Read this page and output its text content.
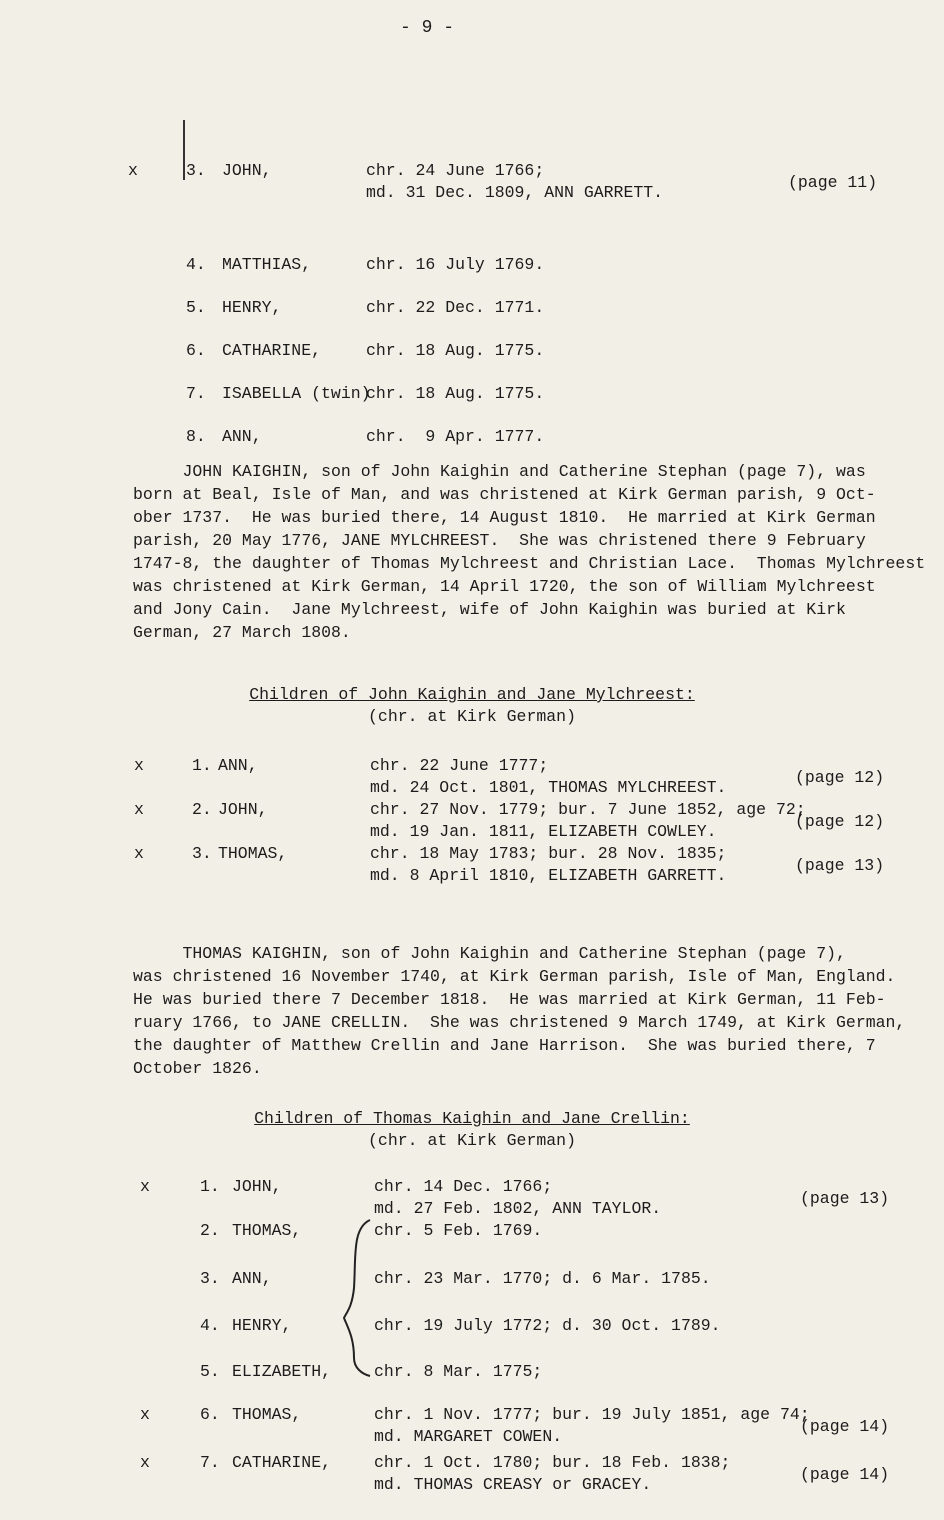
- 9 -
x	3. JOHN,	chr. 24 June 1766;
md. 31 Dec. 1809, ANN GARRETT.
(page 11)
4. MATTHIAS,	chr. 16 July 1769.
5. HENRY,	chr. 22 Dec. 1771.
6. CATHARINE,	chr. 18 Aug. 1775.
7. ISABELLA (twin)
chr. 18 Aug. 1775.
8. ANN,	chr.  9 Apr. 1777.
JOHN KAIGHIN, son of John Kaighin and Catherine Stephan (page 7), was
born at Beal, Isle of Man, and was christened at Kirk German parish, 9 Oct-
ober 1737.  He was buried there, 14 August 1810.  He married at Kirk German
parish, 20 May 1776, JANE MYLCHREEST.  She was christened there 9 February
1747-8, the daughter of Thomas Mylchreest and Christian Lace.  Thomas Mylchreest
was christened at Kirk German, 14 April 1720, the son of William Mylchreest
and Jony Cain.  Jane Mylchreest, wife of John Kaighin was buried at Kirk
German, 27 March 1808.
Children of John Kaighin and Jane Mylchreest:
(chr. at Kirk German)
x	1. ANN,	chr. 22 June 1777;
md. 24 Oct. 1801, THOMAS MYLCHREEST.
(page 12)
x	2. JOHN,	chr. 27 Nov. 1779; bur. 7 June 1852, age 72;
md. 19 Jan. 1811, ELIZABETH COWLEY.
(page 12)
x	3. THOMAS,	chr. 18 May 1783; bur. 28 Nov. 1835;
md. 8 April 1810, ELIZABETH GARRETT.
(page 13)
THOMAS KAIGHIN, son of John Kaighin and Catherine Stephan (page 7),
was christened 16 November 1740, at Kirk German parish, Isle of Man, England.
He was buried there 7 December 1818.  He was married at Kirk German, 11 Feb-
ruary 1766, to JANE CRELLIN.  She was christened 9 March 1749, at Kirk German,
the daughter of Matthew Crellin and Jane Harrison.  She was buried there, 7
October 1826.
Children of Thomas Kaighin and Jane Crellin:
(chr. at Kirk German)
x	1. JOHN,	chr. 14 Dec. 1766;
md. 27 Feb. 1802, ANN TAYLOR.
(page 13)
2. THOMAS,	chr. 5 Feb. 1769.
3. ANN,	chr. 23 Mar. 1770; d. 6 Mar. 1785.
4. HENRY,	chr. 19 July 1772; d. 30 Oct. 1789.
5. ELIZABETH,	chr. 8 Mar. 1775;
x	6. THOMAS,	chr. 1 Nov. 1777; bur. 19 July 1851, age 74;
md. MARGARET COWEN.
(page 14)
x	7. CATHARINE,	chr. 1 Oct. 1780; bur. 18 Feb. 1838;
md. THOMAS CREASY or GRACEY.
(page 14)
